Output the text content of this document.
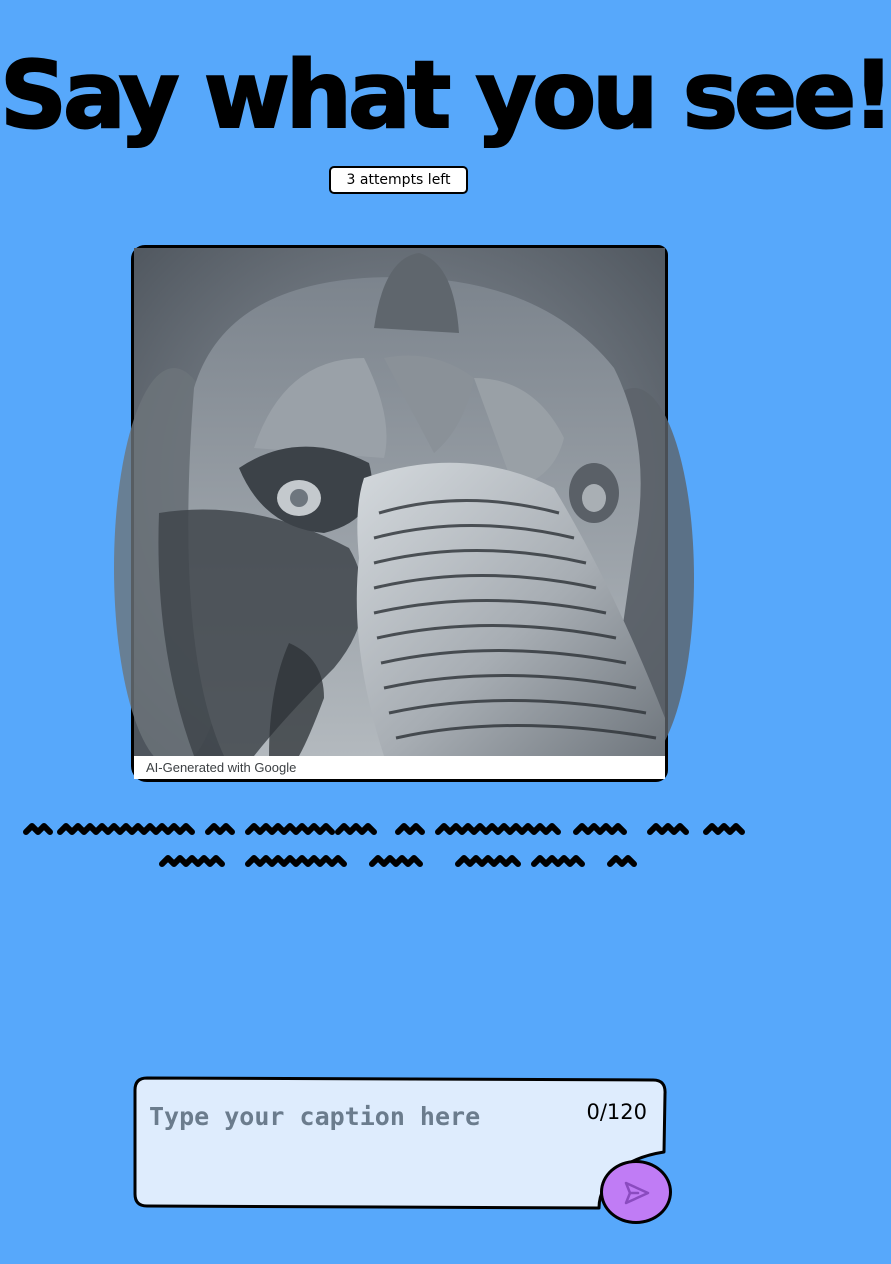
Say what you see!
3 attempts left
AI-Generated with Google
Type your caption here
0/120
